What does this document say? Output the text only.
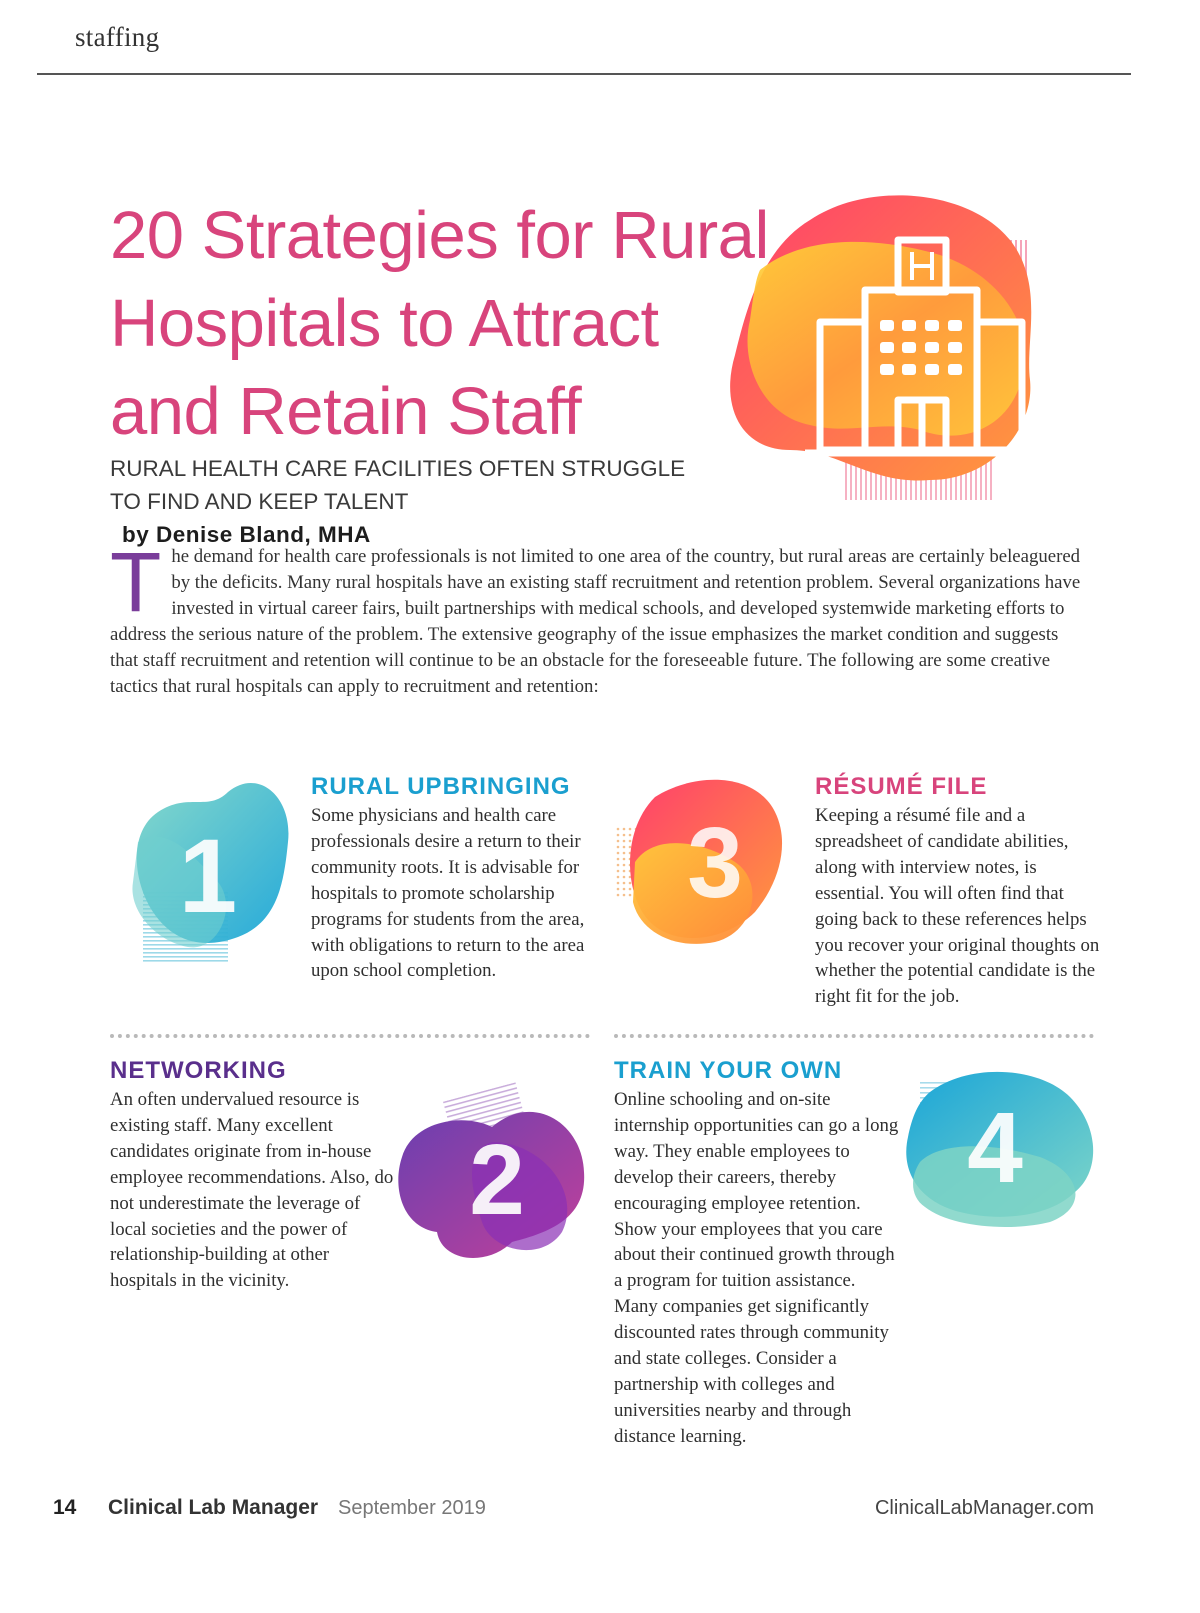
staffing
20 Strategies for Rural
Hospitals to Attract
and Retain Staff
RURAL HEALTH CARE FACILITIES OFTEN STRUGGLE
TO FIND AND KEEP TALENT
by Denise Bland, MHA
The demand for health care professionals is not limited to one area of the country, but rural areas are certainly beleaguered by the deficits. Many rural hospitals have an existing staff recruitment and retention problem. Several organizations have invested in virtual career fairs, built partnerships with medical schools, and developed systemwide marketing efforts to address the serious nature of the problem. The extensive geography of the issue emphasizes the market condition and suggests that staff recruitment and retention will continue to be an obstacle for the foreseeable future. The following are some creative tactics that rural hospitals can apply to recruitment and retention:
1
RURAL UPBRINGING
Some physicians and health care professionals desire a return to their community roots. It is advisable for hospitals to promote scholarship programs for students from the area, with obligations to return to the area upon school completion.
3
RÉSUMÉ FILE
Keeping a résumé file and a spreadsheet of candidate abilities, along with interview notes, is essential. You will often find that going back to these references helps you recover your original thoughts on whether the potential candidate is the right fit for the job.
NETWORKING
An often undervalued resource is existing staff. Many excellent candidates originate from in-house employee recommendations. Also, do not underestimate the leverage of local societies and the power of relationship-building at other hospitals in the vicinity.
2
TRAIN YOUR OWN
Online schooling and on-site internship opportunities can go a long way. They enable employees to develop their careers, thereby encouraging employee retention. Show your employees that you care about their continued growth through a program for tuition assistance. Many companies get significantly discounted rates through community and state colleges. Consider a partnership with colleges and universities nearby and through distance learning.
4
14 Clinical Lab Manager September 2019	ClinicalLabManager.com
